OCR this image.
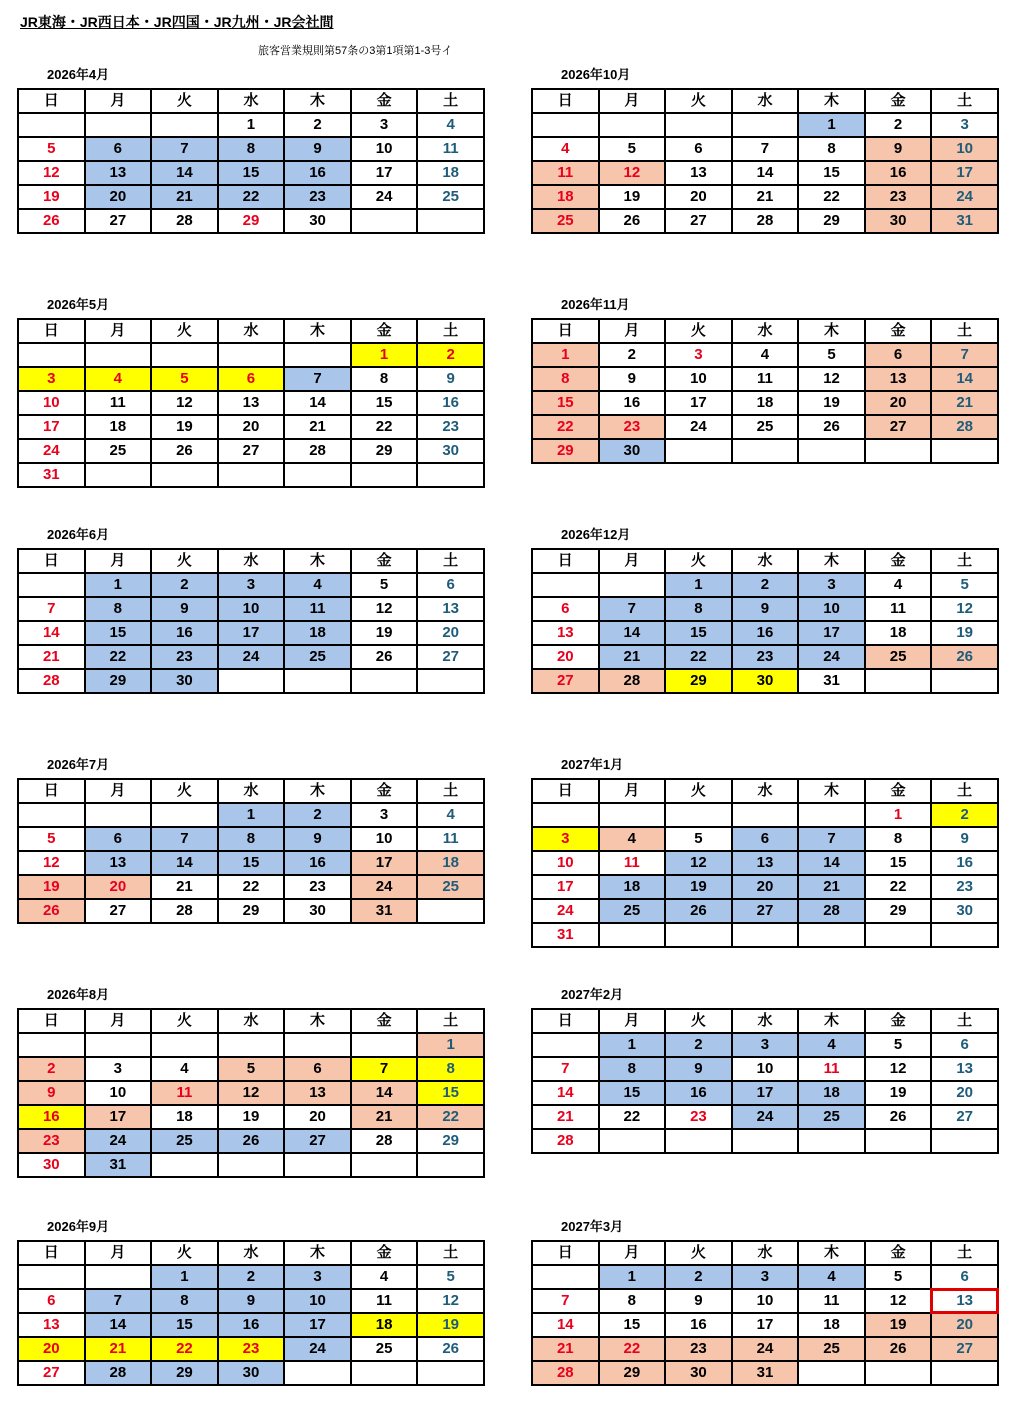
JR東海・JR西日本・JR四国・JR九州・JR会社間
旅客営業規則第57条の3第1項第1-3号イ
2026年4月
日	月	火	水	木	金	土
			1	2	3	4
5	6	7	8	9	10	11
12	13	14	15	16	17	18
19	20	21	22	23	24	25
26	27	28	29	30		
2026年10月
日	月	火	水	木	金	土
				1	2	3
4	5	6	7	8	9	10
11	12	13	14	15	16	17
18	19	20	21	22	23	24
25	26	27	28	29	30	31
2026年5月
日	月	火	水	木	金	土
					1	2
3	4	5	6	7	8	9
10	11	12	13	14	15	16
17	18	19	20	21	22	23
24	25	26	27	28	29	30
31						
2026年11月
日	月	火	水	木	金	土
1	2	3	4	5	6	7
8	9	10	11	12	13	14
15	16	17	18	19	20	21
22	23	24	25	26	27	28
29	30					
2026年6月
日	月	火	水	木	金	土
	1	2	3	4	5	6
7	8	9	10	11	12	13
14	15	16	17	18	19	20
21	22	23	24	25	26	27
28	29	30				
2026年12月
日	月	火	水	木	金	土
		1	2	3	4	5
6	7	8	9	10	11	12
13	14	15	16	17	18	19
20	21	22	23	24	25	26
27	28	29	30	31		
2026年7月
日	月	火	水	木	金	土
			1	2	3	4
5	6	7	8	9	10	11
12	13	14	15	16	17	18
19	20	21	22	23	24	25
26	27	28	29	30	31	
2027年1月
日	月	火	水	木	金	土
					1	2
3	4	5	6	7	8	9
10	11	12	13	14	15	16
17	18	19	20	21	22	23
24	25	26	27	28	29	30
31						
2026年8月
日	月	火	水	木	金	土
						1
2	3	4	5	6	7	8
9	10	11	12	13	14	15
16	17	18	19	20	21	22
23	24	25	26	27	28	29
30	31					
2027年2月
日	月	火	水	木	金	土
	1	2	3	4	5	6
7	8	9	10	11	12	13
14	15	16	17	18	19	20
21	22	23	24	25	26	27
28						
2026年9月
日	月	火	水	木	金	土
		1	2	3	4	5
6	7	8	9	10	11	12
13	14	15	16	17	18	19
20	21	22	23	24	25	26
27	28	29	30			
2027年3月
日	月	火	水	木	金	土
	1	2	3	4	5	6
7	8	9	10	11	12	13
14	15	16	17	18	19	20
21	22	23	24	25	26	27
28	29	30	31			
